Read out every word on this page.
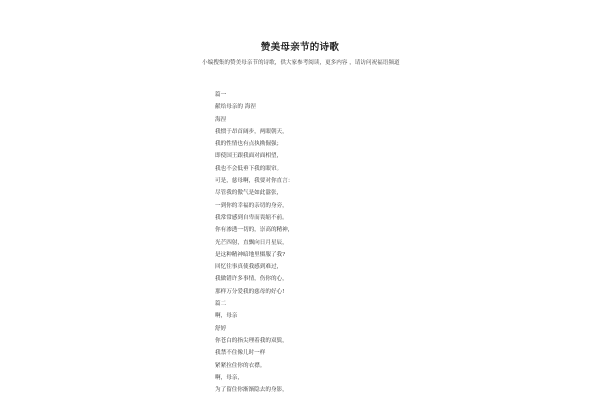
赞美母亲节的诗歌
小编搜集的赞美母亲节的诗歌，供大家参考阅读，更多内容 ，请访问祝福语频道
篇一
献给母亲的 海涅
海涅
我惯于昂首阔步，两眼朝天，
我的性情也有点执拗倔强；
即使国王跟我面对面相望，
我也不会低垂下我的眼帘。
可是，慈母啊，我要对你直言：
尽管我的傲气是如此嚣张，
一到你的幸福的亲切的身旁，
我常常感到自卑而畏缩不前。
你有渗透一切的，崇高的精神，
光芒四射，直飘向日月星辰，
是这种精神暗地里慑服了我?
回忆往事真使我感到难过，
我做错许多事情，伤你的心，
那样万分爱我的慈母的好心!
篇二
啊，母亲
舒婷
你苍白的指尖理着我的双鬓，
我禁不住像儿时一样
紧紧拉住你的衣襟。
啊，母亲，
为了留住你渐渐隐去的身影，
